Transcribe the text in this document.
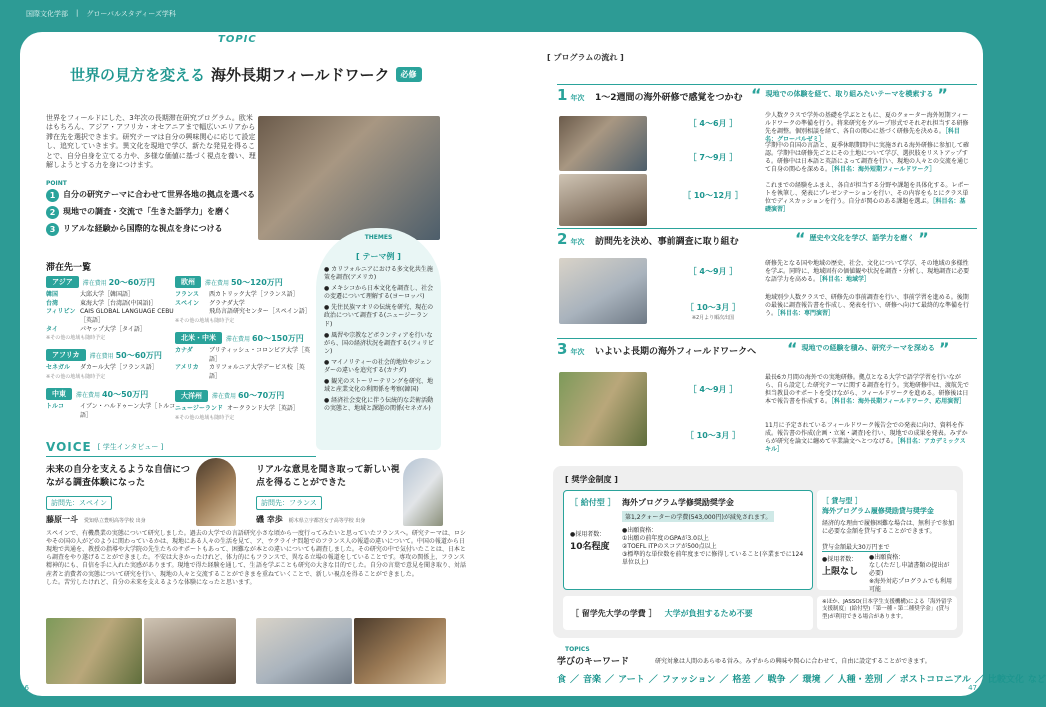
国際文化学部 | グローバルスタディーズ学科
TOPIC
世界の見方を変える 海外長期フィールドワーク	必修
世界をフィールドにした、3年次の長期滞在研究プログラム。欧米はもちろん、アジア・アフリカ・オセアニアまで幅広いエリアから滞在先を選択できます。研究テーマは自分の興味関心に応じて設定し、追究していきます。異文化を現地で学び、新たな発見を得ることで、自分自身を立てる力や、多様な価値に基づく視点を養い、理解しようとする力を身につけます。
POINT
1 自分の研究テーマに合わせて世界各地の拠点を選べる
2 現地での調査・交流で「生きた語学力」を磨く
3 リアルな経験から国際的な視点を身につける
THEMES
[ テーマ例 ]
● カリフォルニアにおける多文化共生施策を調査(アメリカ)
● メキシコから日本文化を調査し、社会の変遷について理解する(ヨーロッパ)
● 先住民族マオリの伝統を研究、現在の政治について調査する(ニュージーランド)
● 風習や宗教などボランティアを行いながら、国の経済状況を調査する(フィリピン)
● マイノリティーの社会的地位やジェンダーの違いを追究する(カナダ)
● 観光のストーリーテリングを研究、地域と産業文化の利関係を考察(韓国)
● 経済社会変化に伴う伝統的な芸術活動の実態と、地域と課題の関係(セネガル)
滞在先一覧
アジア	滞在費用 20〜60万円
韓国	大邱大学［韓国語］
台湾	東海大学［台湾語(中国語)］
フィリピン CAIS GLOBAL LANGUAGE CEBU［英語］
タイ	パヤップ大学［タイ語］
※その他の地域も随時予定
アフリカ	滞在費用 50〜60万円
セネガル	ダカール大学［フランス語］
※その他の地域も随時予定
中東	滞在費用 40〜50万円
トルコ	イブン・ハルドゥーン大学［トルコ語］
欧州	滞在費用 50〜120万円
フランス	西カトリック大学［フランス語］
スペイン	グラナダ大学
飛鳥言語研究センター［スペイン語］
※その他の地域も随時予定
北米・中米	滞在費用 60〜150万円
カナダ	ブリティッシュ・コロンビア大学［英語］
アメリカ	カリフォルニア大学デービス校［英語］
大洋州	滞在費用 60〜70万円
ニュージーランド オークランド大学［英語］
※その他の地域も随時予定
VOICE [ 学生インタビュー ]
未来の自分を支えるような自信につながる調査体験になった
訪問先：スペイン
藤原一斗 愛知県立豊明高等学校 出身
スペインで、有機農業の実態について研究しました。過去の大学での言語研究やその国の人がどのように関わっているかは、現地にある人々の生活を見て、現地で共通を、教授の指導や大学院の先生たちのサポートもあって、困難ながら調査をやり遂げることができました。不安は大きかったけれど、体力的にも精神的にも、自信を手に入れた実感があります。現地で得た経験を通して、生産者と消費者の実態について研究を行い、現地の人々と交流することができました。苦労したけれど、自分の未来を支えるような体験になったと思います。
リアルな意見を聞き取って新しい視点を得ることができた
訪問先：フランス
磯 幸歩 栃木県立宇都宮女子高等学校 出身
小さな頃から一度行ってみたいと思っていたフランスへ。研究テーマは、ロシア、ウクライナ問題でのフランス人の報道の違いについて。中国の報道から日本との違いについても調査しました。その研究の中で気付いたことは、日本とフランスで、異なる立場の報道をしていることです。専攻の関係上、フランス語を学ぶことも研究の大きな目的でした。自分の言葉で意見を聞き取り、対話を重ねていくことで、新しい視点を得ることができました。
46
[ プログラムの流れ ]
1 年次 1〜2週間の海外研修で感覚をつかむ “ 現地での体験を経て、取り組みたいテーマを模索する ”
［ 4〜6月 ］
少人数クラスで学外の基礎を学ぶとともに、夏のクォーター海外短期フィールドワークの準備を行う。将来研究をグループ形式でそれぞれ担当する研修先を調整。個別相談を経て、各自の関心に基づく研修先を決める。［科目名：グローバルゼミ］
［ 7〜9月 ］
学期中の自国の言語と、夏季休暇期間中に実施される海外研修に参加して確認。学期中は研修先ごとにその土地について学び、選択肢をリストアップする。研修中は日本語と英語によって調査を行い、現地の人々との交流を通じて自身の関心を深める。［科目名：海外短期フィールドワーク］
［ 10〜12月 ］
これまでの経験をふまえ、各自が担当する分野や課題を具体化する。レポートを執筆し、発表にプレゼンテーションを行い、その内容をもとにクラス単位でディスカッションを行う。自分が関心のある課題を選ぶ。［科目名：基礎演習］
2 年次 訪問先を決め、事前調査に取り組む	“ 歴史や文化を学び、語学力を磨く ”
［ 4〜9月 ］
研修先となる国や地域の歴史、社会、文化について学び、その地域の多様性を学ぶ。同時に、地域固有の価値観や状況を調査・分析し、現地調査に必要な語学力を高める。［科目名：地域学］
［ 10〜3月 ］
※2月より順次出国
地域別少人数クラスで、研修先の事前調査を行い、事前学習を進める。後期の最後に調査報告書を作成し、発表を行い、研修へ向けて最終的な準備を行う。［科目名：専門演習］
3 年次 いよいよ長期の海外フィールドワークへ “ 現地での経験を積み、研究テーマを深める ”
［ 4〜9月 ］
最長6カ月間の海外での実地研修。拠点となる大学で語学学習を行いながら、自ら設定した研究テーマに関する調査を行う。実地研修中は、渡航先で担当教員のサポートを受けながら、フィールドワークを進める。研修後は日本で報告書を作成する。［科目名：海外長期フィールドワーク、応用演習］
［ 10〜3月 ］
11月に予定されているフィールドワーク報告会での発表に向け、資料を作成。報告書の作成(企画・立案・調査)を行い、現地での成果を発表。みずからが研究を論文に纏めて卒業論文へとつなげる。［科目名：アカデミックスキル］
[ 奨学金制度 ]
［ 給付型 ］ 海外プログラム学修奨励奨学金
第1,2クォーターの学費(543,000円)が減免されます。
●採用者数：
10名程度
●出願資格：
①出願の前年度のGPAが3.0以上
②TOEFL iTPのスコアが500点以上
③標準的な単位数を前年度までに修得していること(卒業までに124単位以上)
［ 貸与型 ］
海外プログラム履修奨励貸与奨学金
経済的な理由で履修困難な場合は、無利子で参加に必要な金額を貸与することができます。
貸与金額最大30万円まで
●採用者数：
上限なし
●出願資格：
なし(ただし申請書類の提出が必要)
※海外対応プログラムでも利用可能
［ 留学先大学の学費 ］ 大学が負担するため不要
※ほか、JASSO(日本学生支援機構)による「海外留学支援制度」(給付型)「第一種・第二種奨学金」(貸与型)が利用できる場合があります。
TOPICS
学びのキーワード	研究対象は人間のあらゆる営み。みずからの興味や関心に合わせて、自由に設定することができます。
食 ／ 音楽 ／ アート ／ ファッション ／ 格差 ／ 戦争 ／ 環境 ／ 人種・差別 ／ ポストコロニアル ／ 比較文化 など
47
